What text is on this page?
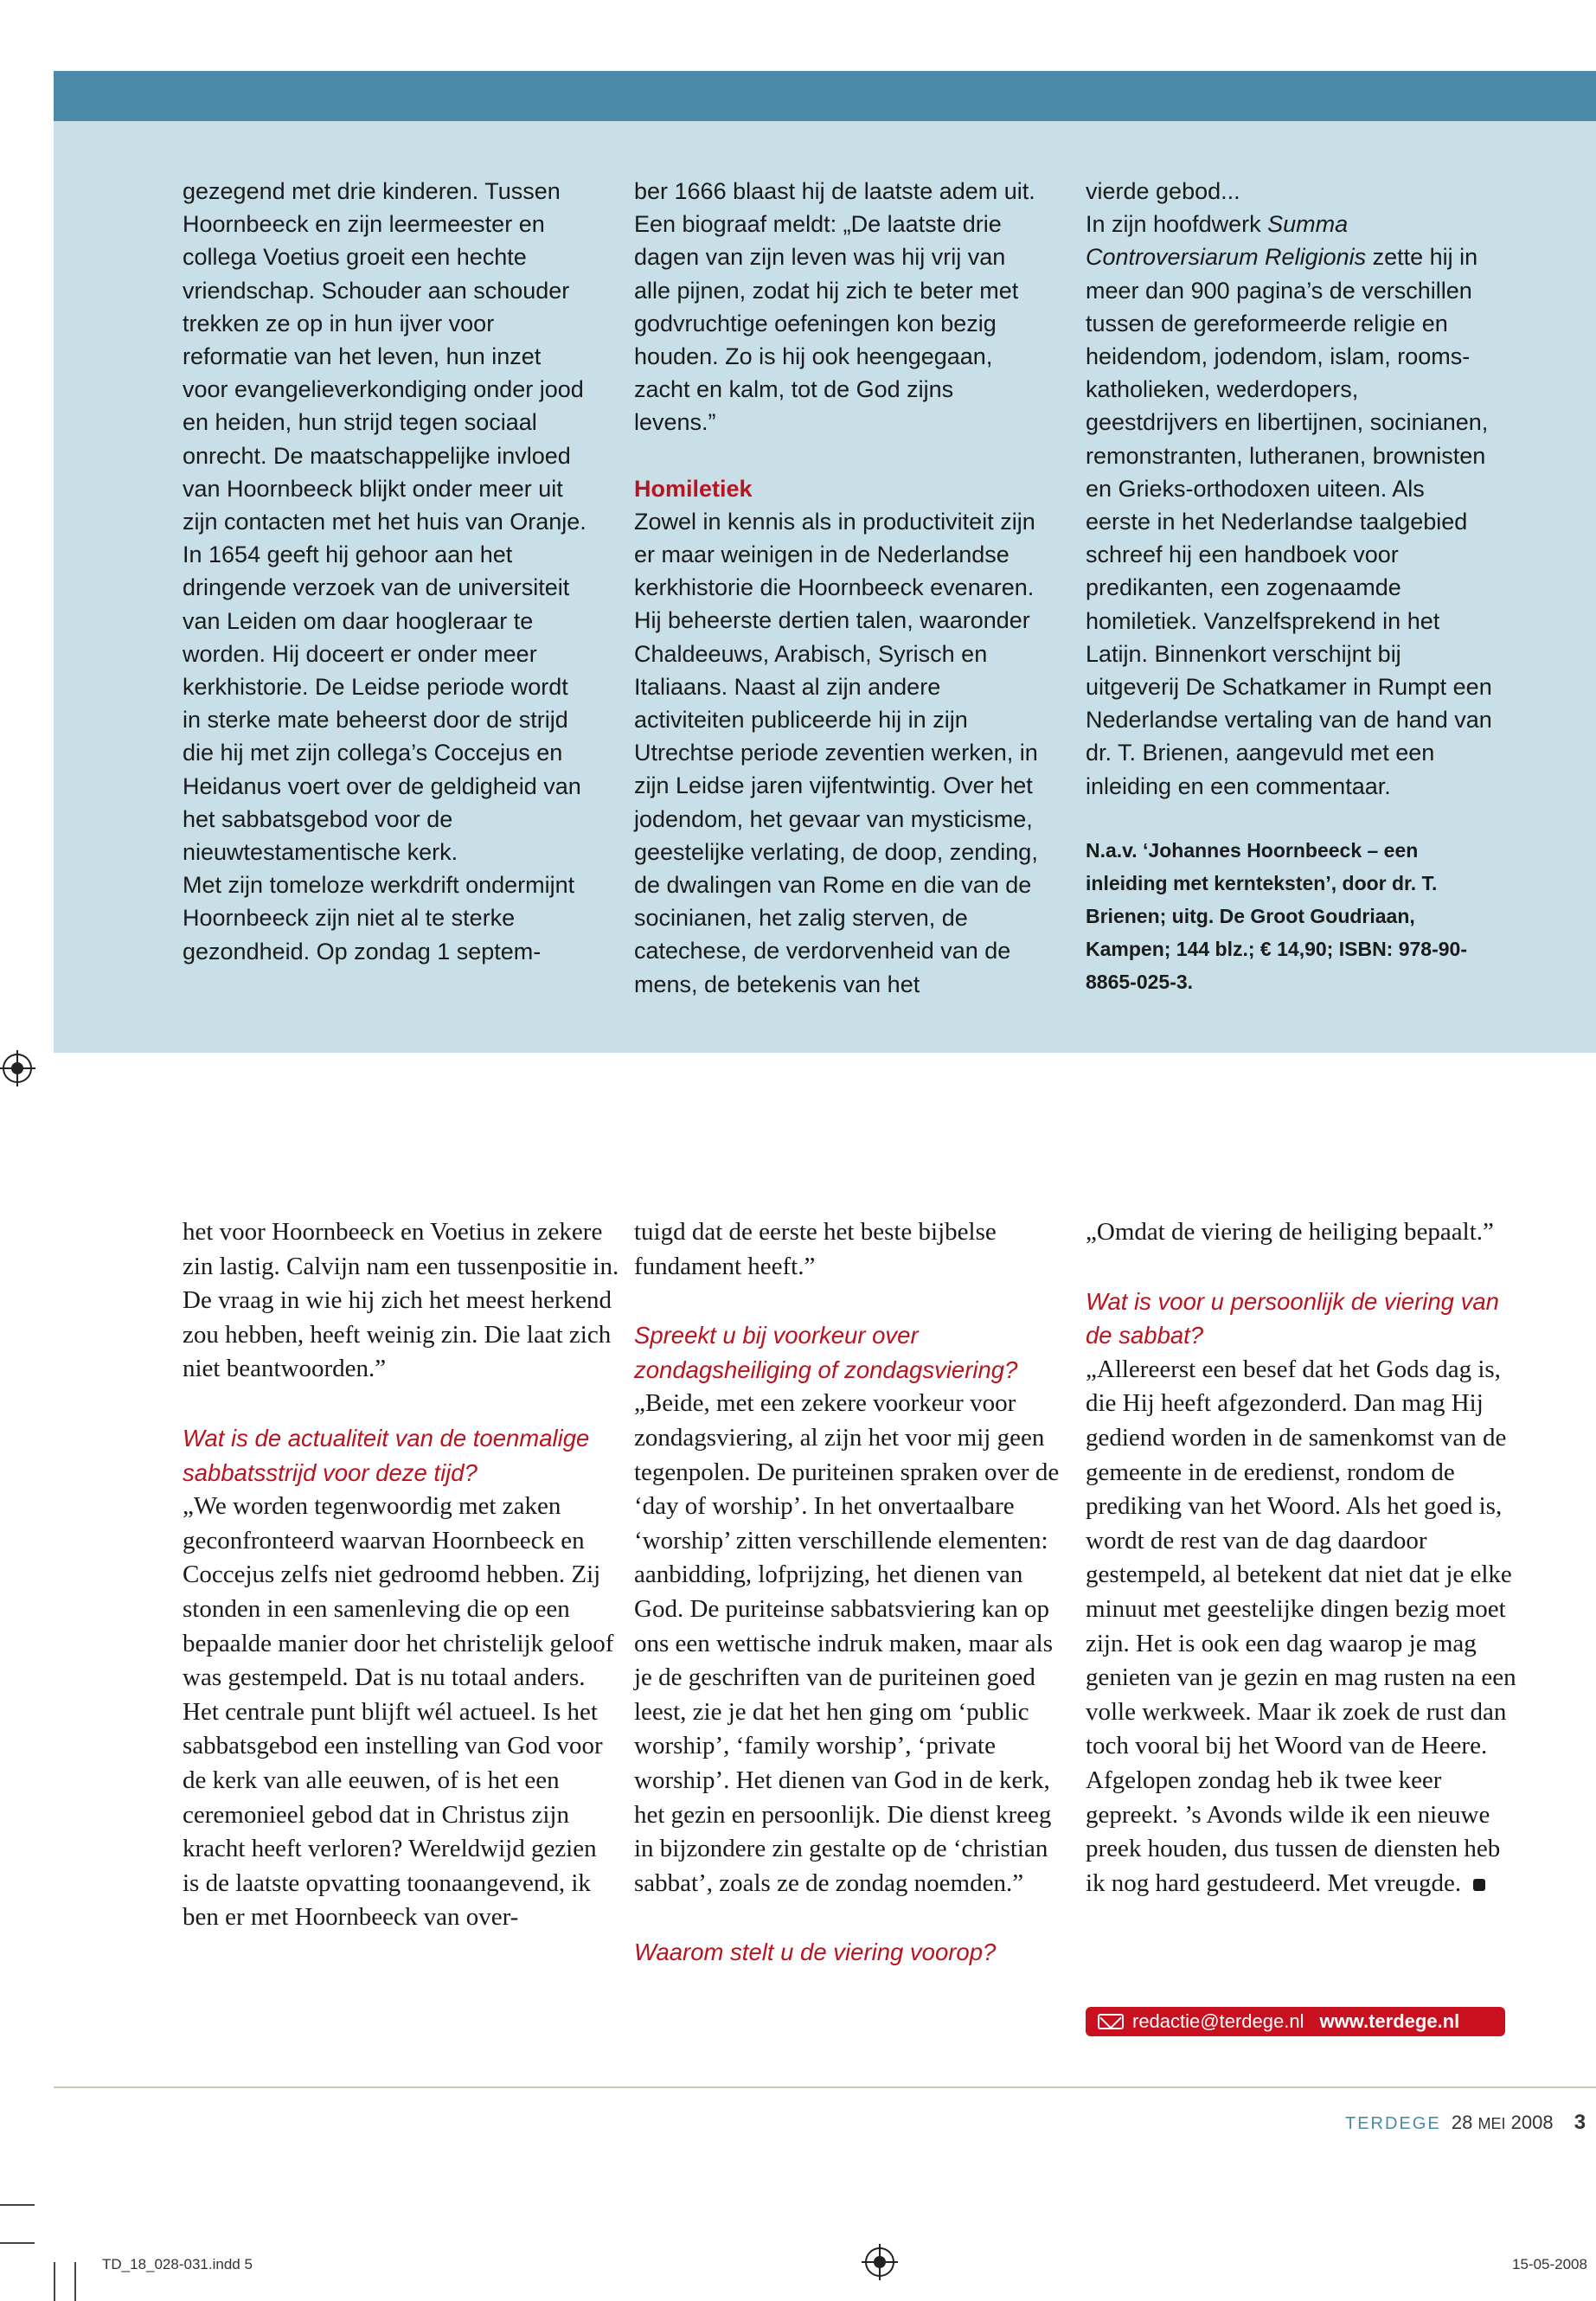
gezegend met drie kinderen. Tussen Hoornbeeck en zijn leermeester en collega Voetius groeit een hechte vriendschap. Schouder aan schouder trekken ze op in hun ijver voor reformatie van het leven, hun inzet voor evangelieverkondiging onder jood en heiden, hun strijd tegen sociaal onrecht. De maatschappelijke invloed van Hoornbeeck blijkt onder meer uit zijn contacten met het huis van Oranje.

In 1654 geeft hij gehoor aan het dringende verzoek van de universiteit van Leiden om daar hoogleraar te worden. Hij doceert er onder meer kerkhistorie. De Leidse periode wordt in sterke mate beheerst door de strijd die hij met zijn collega’s Coccejus en Heidanus voert over de geldigheid van het sabbatsgebod voor de nieuwtestamentische kerk.

Met zijn tomeloze werkdrift ondermijnt Hoornbeeck zijn niet al te sterke gezondheid. Op zondag 1 septem-

ber 1666 blaast hij de laatste adem uit. Een biograaf meldt: „De laatste drie dagen van zijn leven was hij vrij van alle pijnen, zodat hij zich te beter met godvruchtige oefeningen kon bezig houden. Zo is hij ook heengegaan, zacht en kalm, tot de God zijns levens.”

Homiletiek

Zowel in kennis als in productiviteit zijn er maar weinigen in de Nederlandse kerkhistorie die Hoornbeeck evenaren. Hij beheerste dertien talen, waaronder Chaldeeuws, Arabisch, Syrisch en Italiaans. Naast al zijn andere activiteiten publiceerde hij in zijn Utrechtse periode zeventien werken, in zijn Leidse jaren vijfentwintig. Over het jodendom, het gevaar van mysticisme, geestelijke verlating, de doop, zending, de dwalingen van Rome en die van de socinianen, het zalig sterven, de catechese, de verdorvenheid van de mens, de betekenis van het

vierde gebod...

In zijn hoofdwerk Summa Controversiarum Religionis zette hij in meer dan 900 pagina’s de verschillen tussen de gereformeerde religie en heidendom, jodendom, islam, rooms-katholieken, wederdopers, geestdrijvers en libertijnen, socinianen, remonstranten, lutheranen, brownisten en Grieks-orthodoxen uiteen. Als eerste in het Nederlandse taalgebied schreef hij een handboek voor predikanten, een zogenaamde homiletiek. Vanzelfsprekend in het Latijn. Binnenkort verschijnt bij uitgeverij De Schatkamer in Rumpt een Nederlandse vertaling van de hand van dr. T. Brienen, aangevuld met een inleiding en een commentaar.

N.a.v. ‘Johannes Hoornbeeck – een inleiding met kernteksten’, door dr. T. Brienen; uitg. De Groot Goudriaan, Kampen; 144 blz.; € 14,90; ISBN: 978-90-8865-025-3.

het voor Hoornbeeck en Voetius in zekere zin lastig. Calvijn nam een tussenpositie in. De vraag in wie hij zich het meest herkend zou hebben, heeft weinig zin. Die laat zich niet beantwoorden.”

Wat is de actualiteit van de toenmalige sabbatsstrijd voor deze tijd?

„We worden tegenwoordig met zaken geconfronteerd waarvan Hoornbeeck en Coccejus zelfs niet gedroomd hebben. Zij stonden in een samenleving die op een bepaalde manier door het christelijk geloof was gestempeld. Dat is nu totaal anders. Het centrale punt blijft wél actueel. Is het sabbatsgebod een instelling van God voor de kerk van alle eeuwen, of is het een ceremonieel gebod dat in Christus zijn kracht heeft verloren? Wereldwijd gezien is de laatste opvatting toonaangevend, ik ben er met Hoornbeeck van over-

tuigd dat de eerste het beste bijbelse fundament heeft.”

Spreekt u bij voorkeur over zondagsheiliging of zondagsviering?

„Beide, met een zekere voorkeur voor zondagsviering, al zijn het voor mij geen tegenpolen. De puriteinen spraken over de ‘day of worship’. In het onvertaalbare ‘worship’ zitten verschillende elementen: aanbidding, lofprijzing, het dienen van God. De puriteinse sabbatsviering kan op ons een wettische indruk maken, maar als je de geschriften van de puriteinen goed leest, zie je dat het hen ging om ‘public worship’, ‘family worship’, ‘private worship’. Het dienen van God in de kerk, het gezin en persoonlijk. Die dienst kreeg in bijzondere zin gestalte op de ‘christian sabbat’, zoals ze de zondag noemden.”

Waarom stelt u de viering voorop?

„Omdat de viering de heiliging bepaalt.”

Wat is voor u persoonlijk de viering van de sabbat?

„Allereerst een besef dat het Gods dag is, die Hij heeft afgezonderd. Dan mag Hij gediend worden in de samenkomst van de gemeente in de eredienst, rondom de prediking van het Woord. Als het goed is, wordt de rest van de dag daardoor gestempeld, al betekent dat niet dat je elke minuut met geestelijke dingen bezig moet zijn. Het is ook een dag waarop je mag genieten van je gezin en mag rusten na een volle werkweek. Maar ik zoek de rust dan toch vooral bij het Woord van de Heere. Afgelopen zondag heb ik twee keer gepreekt. ’s Avonds wilde ik een nieuwe preek houden, dus tussen de diensten heb ik nog hard gestudeerd. Met vreugde.

redactie@terdege.nl www.terdege.nl
TERDEGE 28 MEI 2008 3
TD_18_028-031.indd 5	15-05-2008
